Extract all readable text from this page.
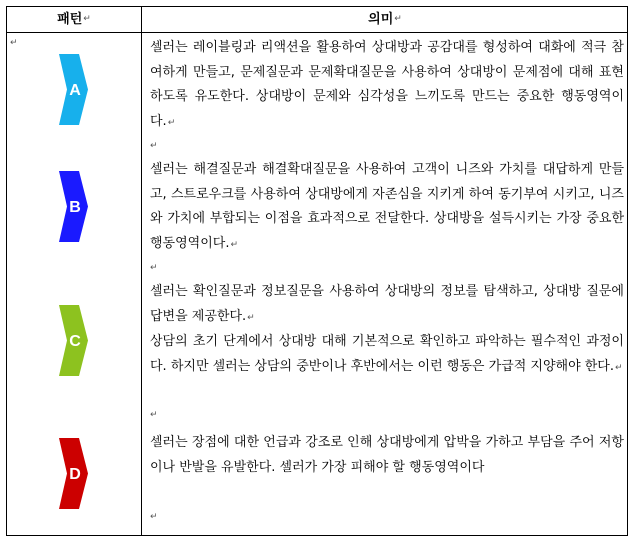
패턴↵	의미↵
↵
A
셀러는 레이블링과 리액션을 활용하여 상대방과 공감대를 형성하여 대화에 적극 참여하게 만들고, 문제질문과 문제확대질문을 사용하여 상대방이 문제점에 대해 표현하도록 유도한다. 상대방이 문제와 심각성을 느끼도록 만드는 중요한 행동영역이다.↵
↵
B
셀러는 해결질문과 해결확대질문을 사용하여 고객이 니즈와 가치를 대답하게 만들고, 스트로우크를 사용하여 상대방에게 자존심을 지키게 하여 동기부여 시키고, 니즈와 가치에 부합되는 이점을 효과적으로 전달한다. 상대방을 설득시키는 가장 중요한 행동영역이다.↵
↵
C
셀러는 확인질문과 정보질문을 사용하여 상대방의 정보를 탐색하고, 상대방 질문에 답변을 제공한다.↵
상담의 초기 단계에서 상대방 대해 기본적으로 확인하고 파악하는 필수적인 과정이다. 하지만 셀러는 상담의 중반이나 후반에서는 이런 행동은 가급적 지양해야 한다.↵
↵
D
셀러는 장점에 대한 언급과 강조로 인해 상대방에게 압박을 가하고 부담을 주어 저항이나 반발을 유발한다. 셀러가 가장 피해야 할 행동영역이다
↵
